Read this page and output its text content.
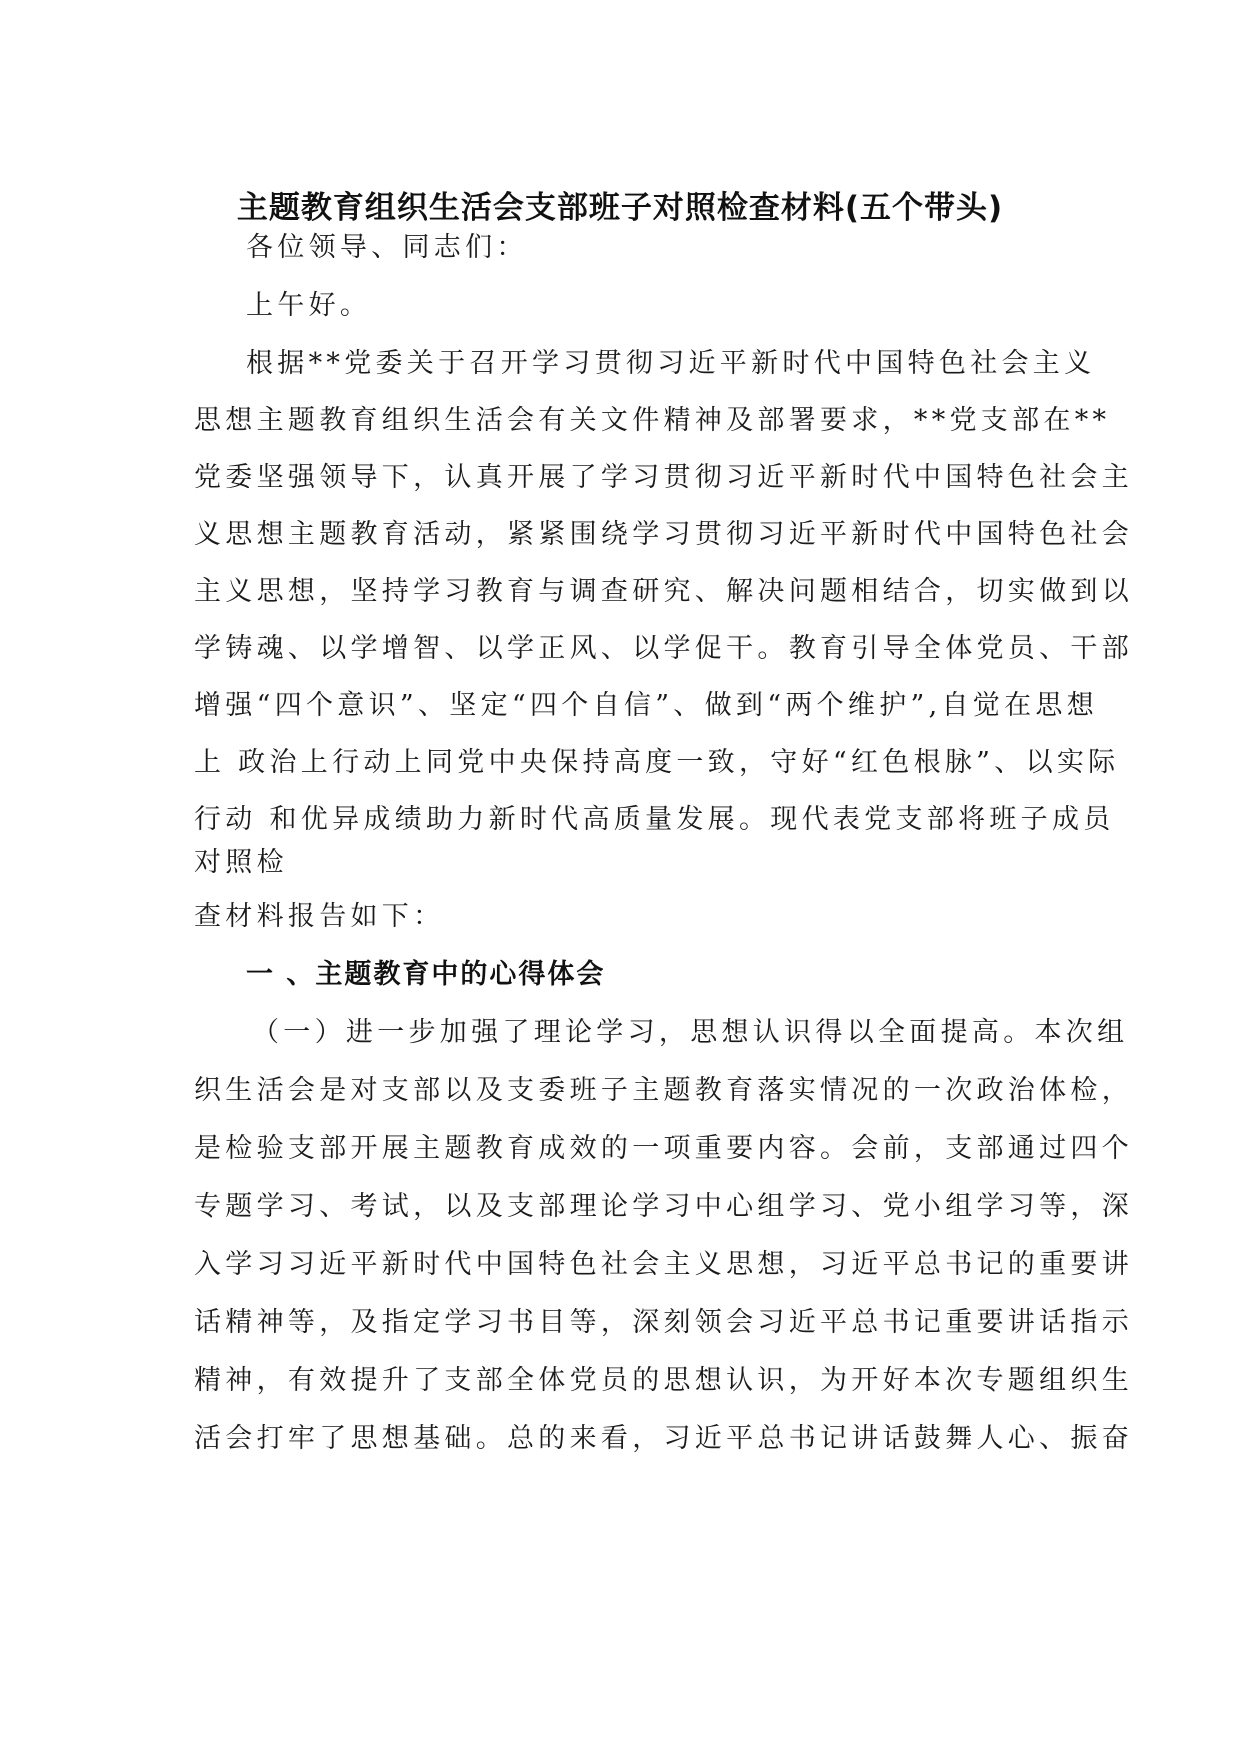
主题教育组织生活会支部班子对照检查材料(五个带头)
各位领导、同志们：
上午好。
根据**党委关于召开学习贯彻习近平新时代中国特色社会主义
思想主题教育组织生活会有关文件精神及部署要求，**党支部在**
党委坚强领导下，认真开展了学习贯彻习近平新时代中国特色社会主
义思想主题教育活动，紧紧围绕学习贯彻习近平新时代中国特色社会
主义思想，坚持学习教育与调查研究、解决问题相结合，切实做到以
学铸魂、以学增智、以学正风、以学促干。教育引导全体党员、干部
增强“四个意识”、坚定“四个自信”、做到“两个维护”,自觉在思想
上 政治上行动上同党中央保持高度一致，守好“红色根脉”、以实际
行动 和优异成绩助力新时代高质量发展。现代表党支部将班子成员
对照检
查材料报告如下：
一 、主题教育中的心得体会
（一）进一步加强了理论学习，思想认识得以全面提高。本次组
织生活会是对支部以及支委班子主题教育落实情况的一次政治体检，
是检验支部开展主题教育成效的一项重要内容。会前，支部通过四个
专题学习、考试，以及支部理论学习中心组学习、党小组学习等，深
入学习习近平新时代中国特色社会主义思想，习近平总书记的重要讲
话精神等，及指定学习书目等，深刻领会习近平总书记重要讲话指示
精神，有效提升了支部全体党员的思想认识，为开好本次专题组织生
活会打牢了思想基础。总的来看，习近平总书记讲话鼓舞人心、振奋
